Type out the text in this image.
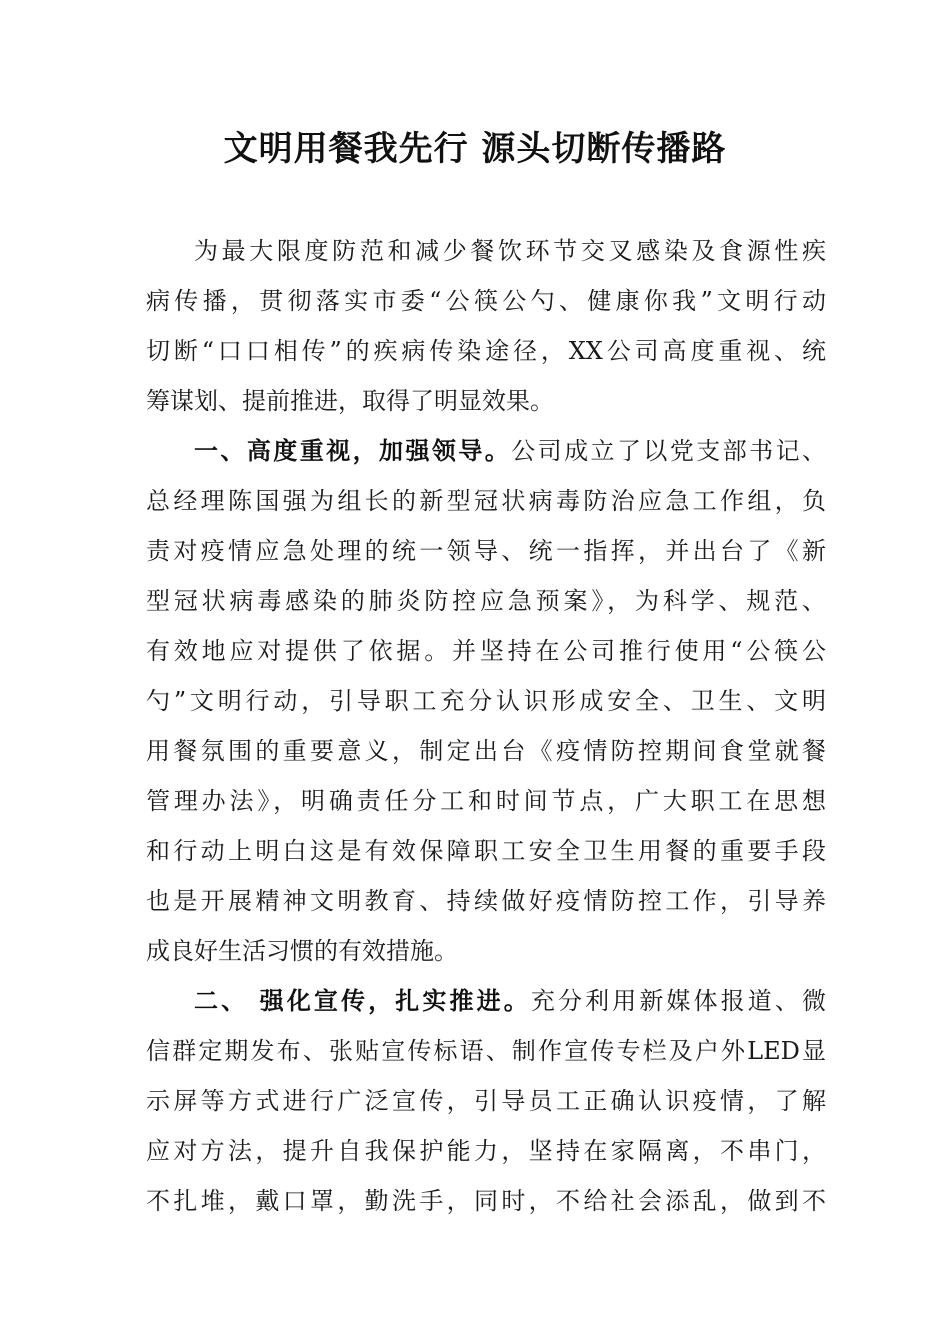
文明用餐我先行 源头切断传播路
为最大限度防范和减少餐饮环节交叉感染及食源性疾
病传播，贯彻落实市委“公筷公勺、健康你我”文明行动
切断“口口相传”的疾病传染途径，XX公司高度重视、统
筹谋划、提前推进，取得了明显效果。
一、高度重视，加强领导。公司成立了以党支部书记、
总经理陈国强为组长的新型冠状病毒防治应急工作组，负
责对疫情应急处理的统一领导、统一指挥，并出台了《新
型冠状病毒感染的肺炎防控应急预案》，为科学、规范、
有效地应对提供了依据。并坚持在公司推行使用“公筷公
勺”文明行动，引导职工充分认识形成安全、卫生、文明
用餐氛围的重要意义，制定出台《疫情防控期间食堂就餐
管理办法》，明确责任分工和时间节点，广大职工在思想
和行动上明白这是有效保障职工安全卫生用餐的重要手段
也是开展精神文明教育、持续做好疫情防控工作，引导养
成良好生活习惯的有效措施。
二、 强化宣传，扎实推进。充分利用新媒体报道、微
信群定期发布、张贴宣传标语、制作宣传专栏及户外LED显
示屏等方式进行广泛宣传，引导员工正确认识疫情，了解
应对方法，提升自我保护能力，坚持在家隔离，不串门，
不扎堆，戴口罩，勤洗手，同时，不给社会添乱，做到不
